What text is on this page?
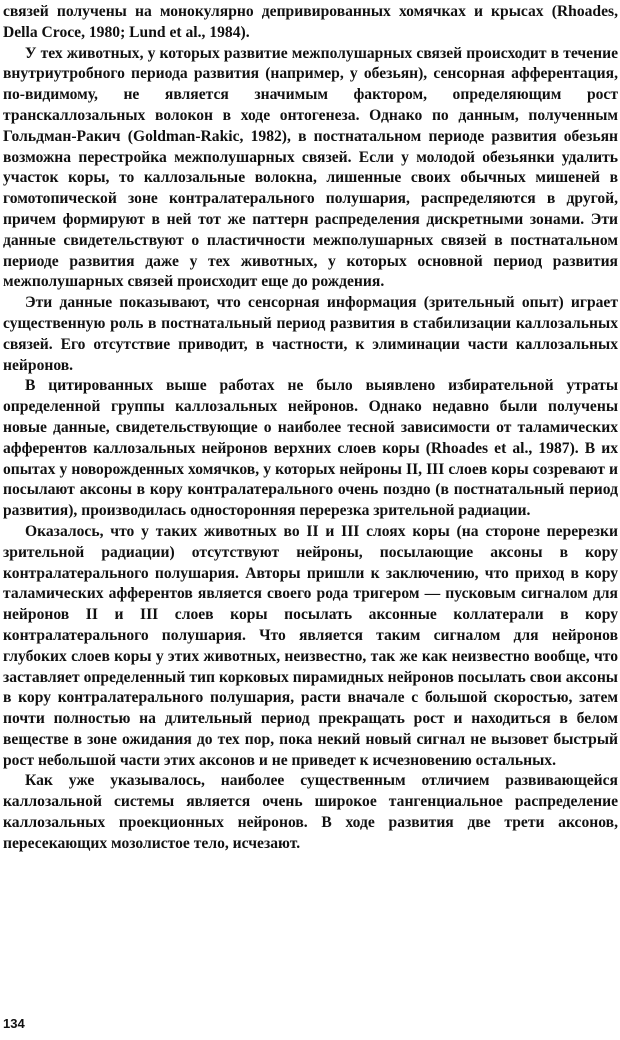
связей получены на монокулярно депривированных хомячках и крысах (Rhoades, Della Croce, 1980; Lund et al., 1984).

У тех животных, у которых развитие межполушарных связей происходит в течение внутриутробного периода развития (например, у обезьян), сенсорная афферентация, по-видимому, не является значимым фактором, определяющим рост транскаллозальных волокон в ходе онтогенеза. Однако по данным, полученным Гольдман-Ракич (Goldman-Rakic, 1982), в постнатальном периоде развития обезьян возможна перестройка межполушарных связей. Если у молодой обезьянки удалить участок коры, то каллозальные волокна, лишенные своих обычных мишеней в гомотопической зоне контралатерального полушария, распределяются в другой, причем формируют в ней тот же паттерн распределения дискретными зонами. Эти данные свидетельствуют о пластичности межполушарных связей в постнатальном периоде развития даже у тех животных, у которых основной период развития межполушарных связей происходит еще до рождения.

Эти данные показывают, что сенсорная информация (зрительный опыт) играет существенную роль в постнатальный период развития в стабилизации каллозальных связей. Его отсутствие приводит, в частности, к элиминации части каллозальных нейронов.

В цитированных выше работах не было выявлено избирательной утраты определенной группы каллозальных нейронов. Однако недавно были получены новые данные, свидетельствующие о наиболее тесной зависимости от таламических афферентов каллозальных нейронов верхних слоев коры (Rhoades et al., 1987). В их опытах у новорожденных хомячков, у которых нейроны II, III слоев коры созревают и посылают аксоны в кору контралатерального очень поздно (в постнатальный период развития), производилась односторонняя перерезка зрительной радиации.

Оказалось, что у таких животных во II и III слоях коры (на стороне перерезки зрительной радиации) отсутствуют нейроны, посылающие аксоны в кору контралатерального полушария. Авторы пришли к заключению, что приход в кору таламических афферентов является своего рода тригером — пусковым сигналом для нейронов II и III слоев коры посылать аксонные коллатерали в кору контралатерального полушария. Что является таким сигналом для нейронов глубоких слоев коры у этих животных, неизвестно, так же как неизвестно вообще, что заставляет определенный тип корковых пирамидных нейронов посылать свои аксоны в кору контралатерального полушария, расти вначале с большой скоростью, затем почти полностью на длительный период прекращать рост и находиться в белом веществе в зоне ожидания до тех пор, пока некий новый сигнал не вызовет быстрый рост небольшой части этих аксонов и не приведет к исчезновению остальных.

Как уже указывалось, наиболее существенным отличием развивающейся каллозальной системы является очень широкое тангенциальное распределение каллозальных проекционных нейронов. В ходе развития две трети аксонов, пересекающих мозолистое тело, исчезают.

134
